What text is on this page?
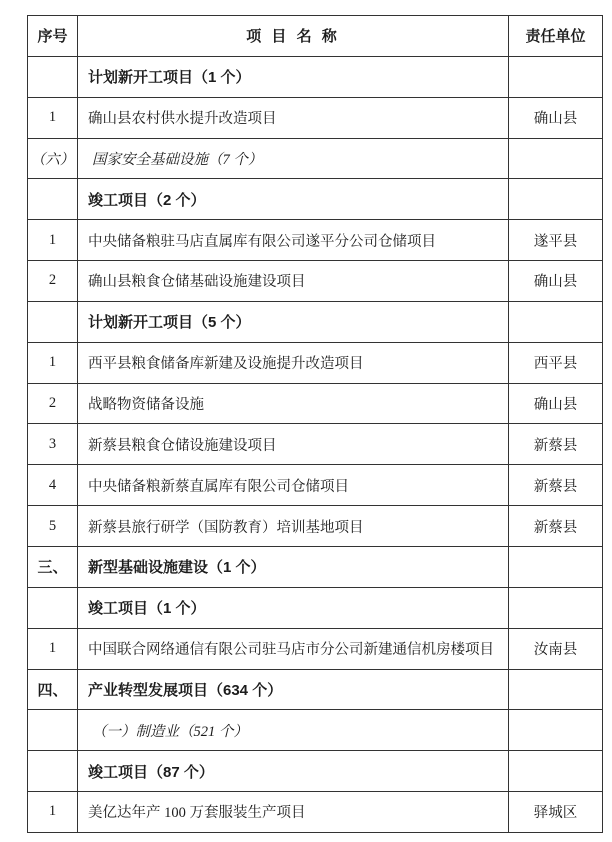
序号	项 目 名 称	责任单位
	计划新开工项目（1 个）	
1	确山县农村供水提升改造项目	确山县
（六）	国家安全基础设施（7 个）	
	竣工项目（2 个）	
1	中央储备粮驻马店直属库有限公司遂平分公司仓储项目	遂平县
2	确山县粮食仓储基础设施建设项目	确山县
	计划新开工项目（5 个）	
1	西平县粮食储备库新建及设施提升改造项目	西平县
2	战略物资储备设施	确山县
3	新蔡县粮食仓储设施建设项目	新蔡县
4	中央储备粮新蔡直属库有限公司仓储项目	新蔡县
5	新蔡县旅行研学（国防教育）培训基地项目	新蔡县
三、	新型基础设施建设（1 个）	
	竣工项目（1 个）	
1	中国联合网络通信有限公司驻马店市分公司新建通信机房楼项目	汝南县
四、	产业转型发展项目（634 个）	
	（一）制造业（521 个）	
	竣工项目（87 个）	
1	美亿达年产 100 万套服装生产项目	驿城区
